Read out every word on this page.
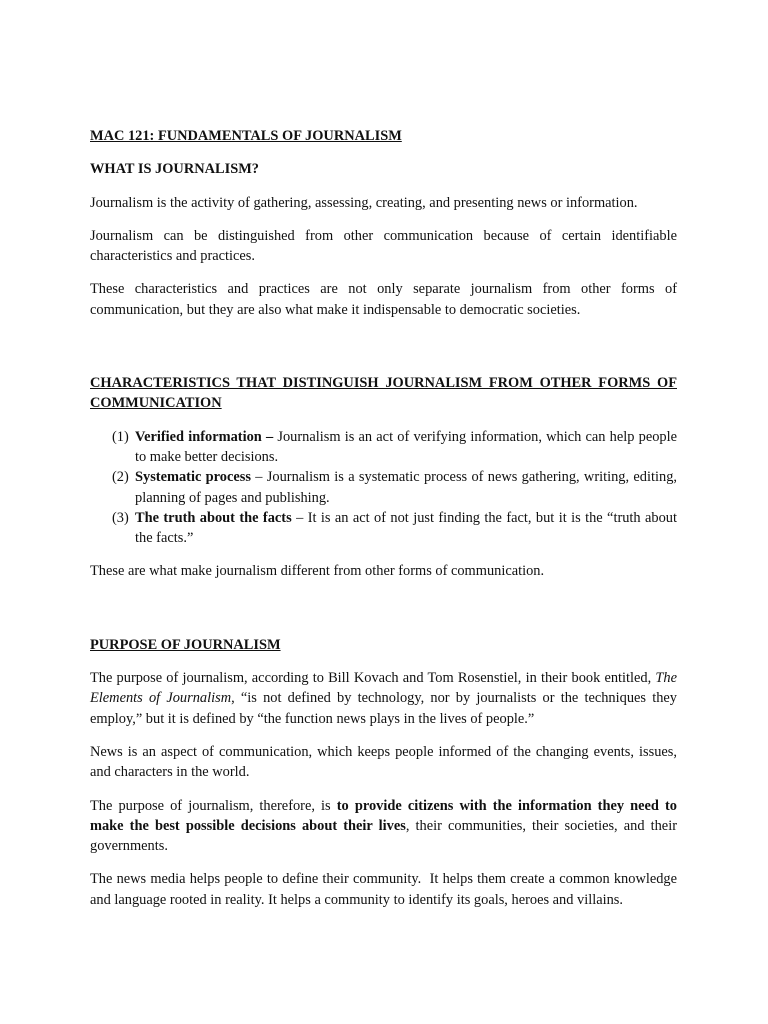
MAC 121: FUNDAMENTALS OF JOURNALISM

WHAT IS JOURNALISM?

Journalism is the activity of gathering, assessing, creating, and presenting news or information.

Journalism can be distinguished from other communication because of certain identifiable characteristics and practices.

These characteristics and practices are not only separate journalism from other forms of communication, but they are also what make it indispensable to democratic societies.

CHARACTERISTICS THAT DISTINGUISH JOURNALISM FROM OTHER FORMS OF COMMUNICATION

(1) Verified information – Journalism is an act of verifying information, which can help people to make better decisions.
(2) Systematic process – Journalism is a systematic process of news gathering, writing, editing, planning of pages and publishing.
(3) The truth about the facts – It is an act of not just finding the fact, but it is the “truth about the facts.”

These are what make journalism different from other forms of communication.

PURPOSE OF JOURNALISM

The purpose of journalism, according to Bill Kovach and Tom Rosenstiel, in their book entitled, The Elements of Journalism, “is not defined by technology, nor by journalists or the techniques they employ,” but it is defined by “the function news plays in the lives of people.”

News is an aspect of communication, which keeps people informed of the changing events, issues, and characters in the world.

The purpose of journalism, therefore, is to provide citizens with the information they need to make the best possible decisions about their lives, their communities, their societies, and their governments.

The news media helps people to define their community.  It helps them create a common knowledge and language rooted in reality. It helps a community to identify its goals, heroes and villains.
